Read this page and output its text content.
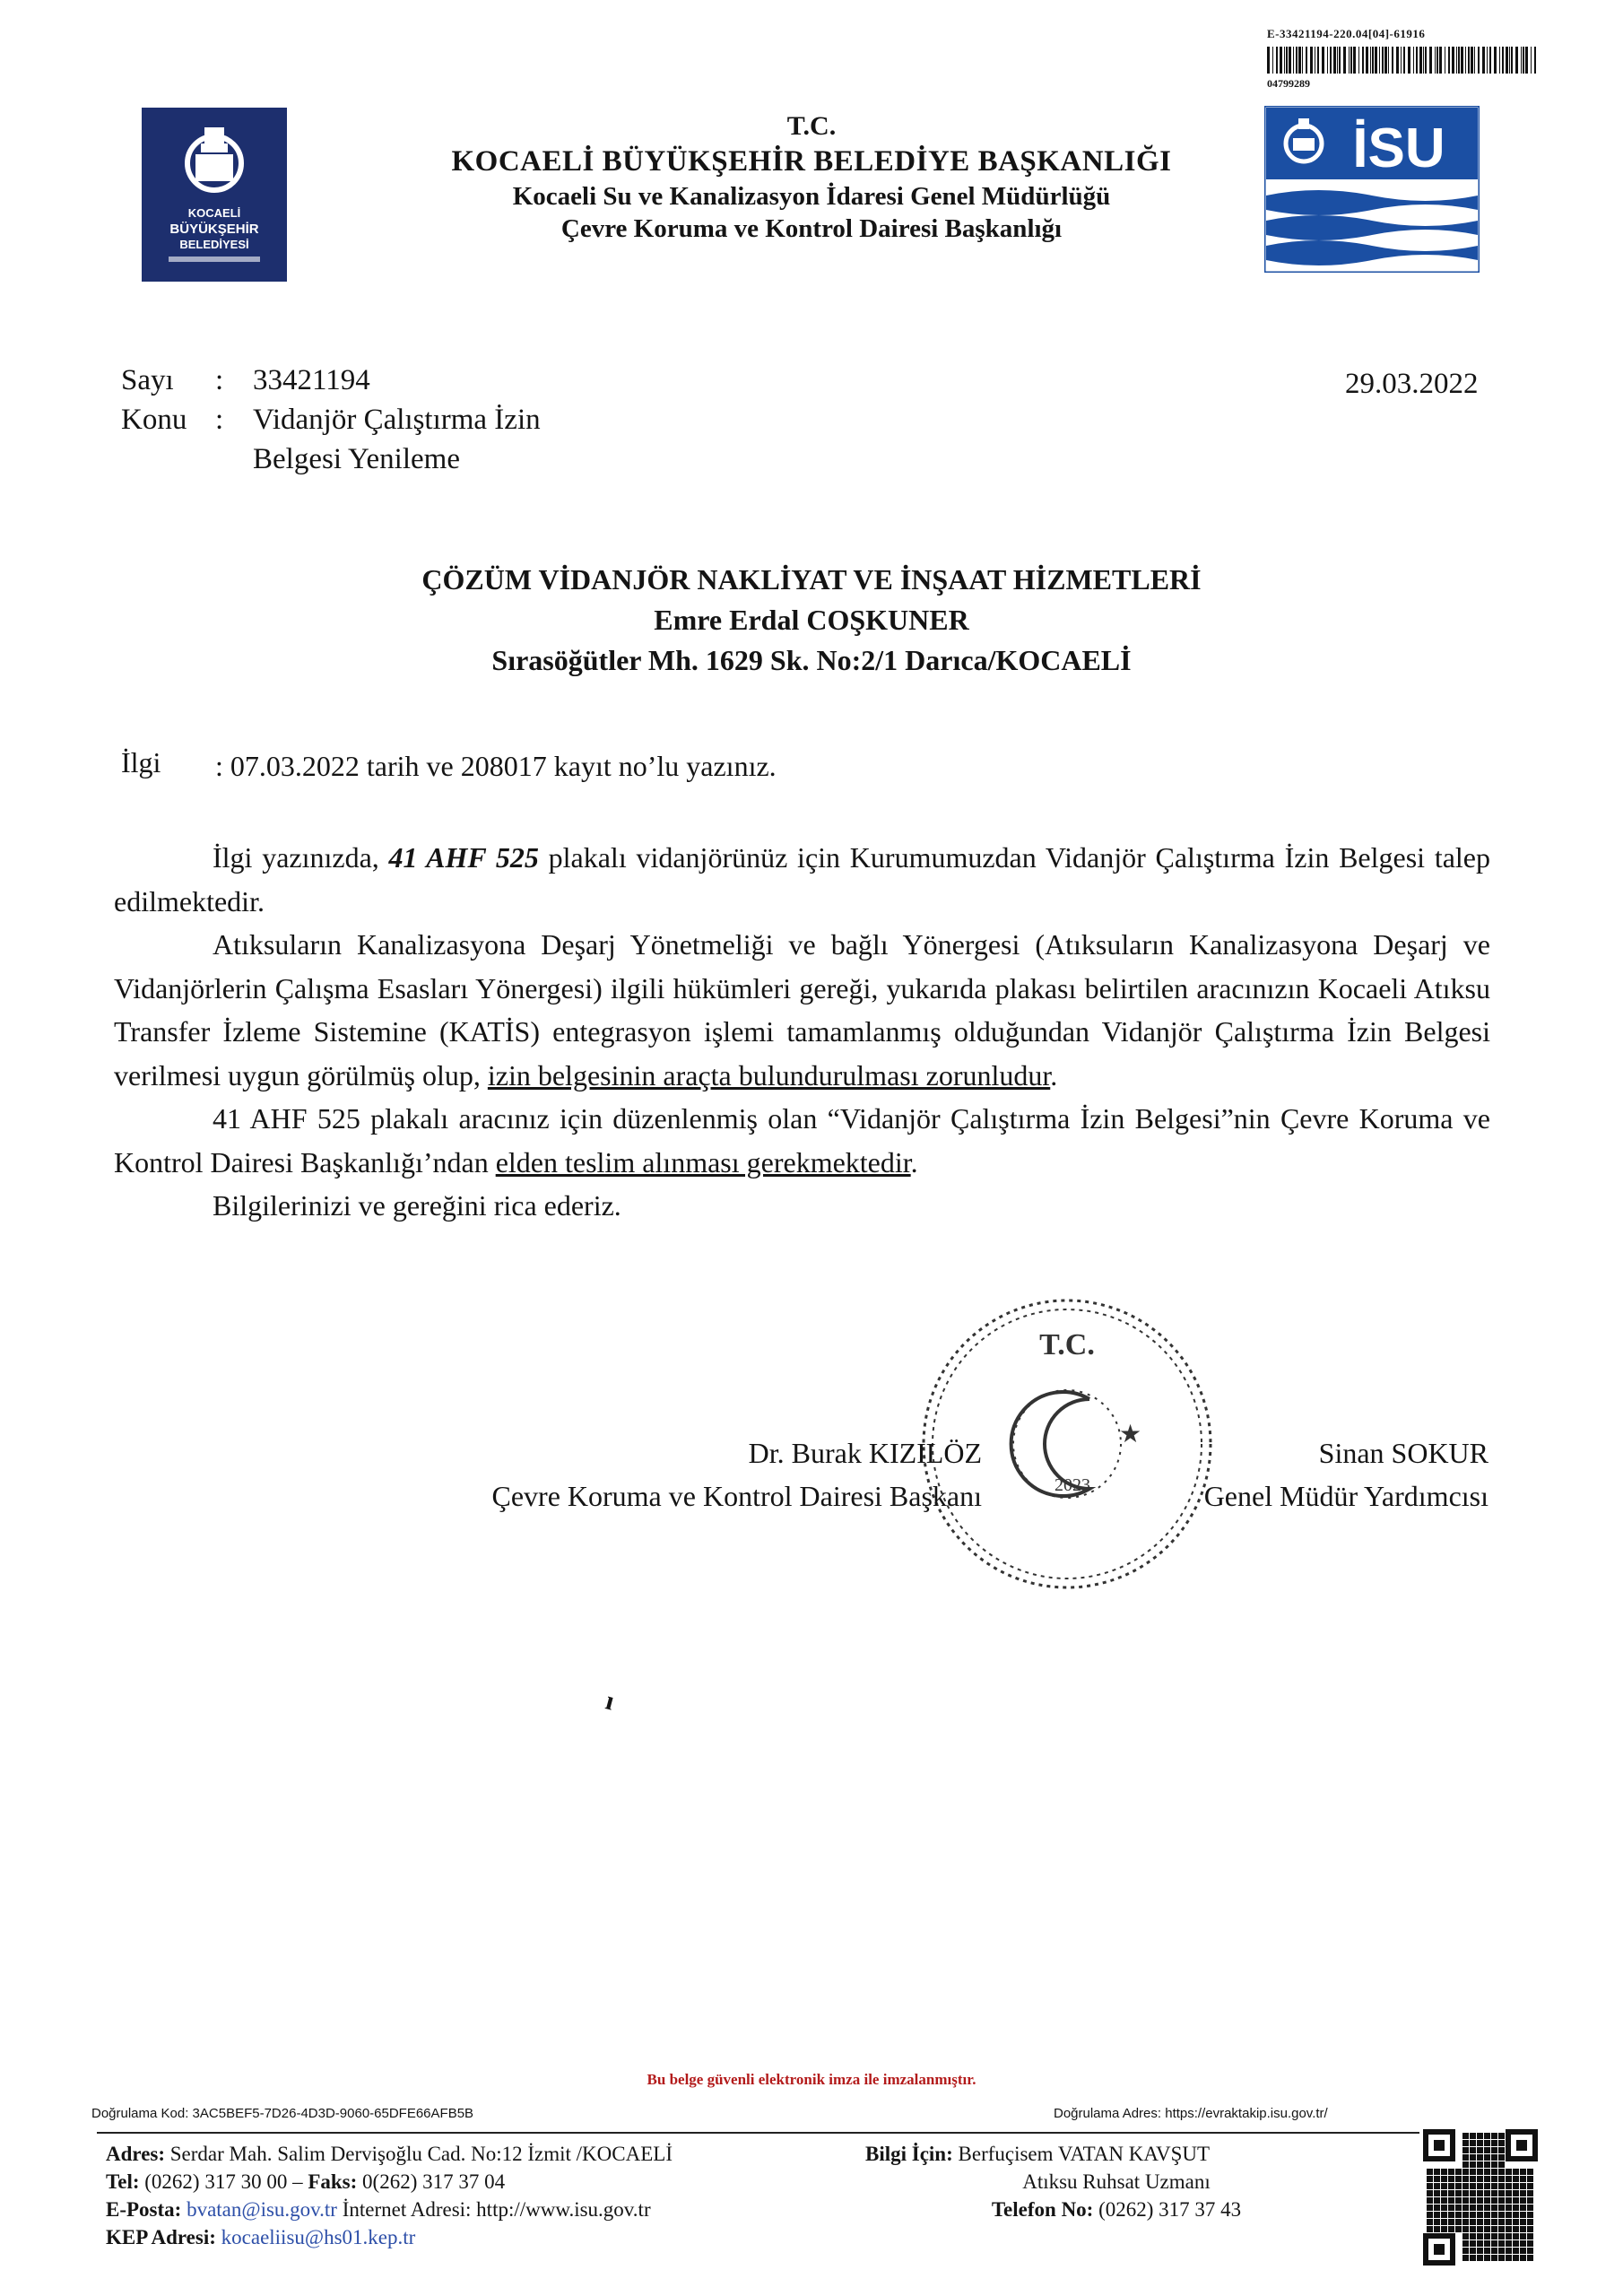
E-33421194-220.04[04]-61916
04799289
KOCAELİ
BÜYÜKŞEHİR
BELEDİYESİ
İSU
T.C.
KOCAELİ BÜYÜKŞEHİR BELEDİYE BAŞKANLIĞI
Kocaeli Su ve Kanalizasyon İdaresi Genel Müdürlüğü
Çevre Koruma ve Kontrol Dairesi Başkanlığı
Sayı : 33421194
Konu : Vidanjör Çalıştırma İzin
Belgesi Yenileme
29.03.2022
ÇÖZÜM VİDANJÖR NAKLİYAT VE İNŞAAT HİZMETLERİ
Emre Erdal COŞKUNER
Sırasöğütler Mh. 1629 Sk. No:2/1 Darıca/KOCAELİ
İlgi : 07.03.2022 tarih ve 208017 kayıt no’lu yazınız.

İlgi yazınızda, 41 AHF 525 plakalı vidanjörünüz için Kurumumuzdan Vidanjör Çalıştırma İzin Belgesi talep edilmektedir.

Atıksuların Kanalizasyona Deşarj Yönetmeliği ve bağlı Yönergesi (Atıksuların Kanalizasyona Deşarj ve Vidanjörlerin Çalışma Esasları Yönergesi) ilgili hükümleri gereği, yukarıda plakası belirtilen aracınızın Kocaeli Atıksu Transfer İzleme Sistemine (KATİS) entegrasyon işlemi tamamlanmış olduğundan Vidanjör Çalıştırma İzin Belgesi verilmesi uygun görülmüş olup, izin belgesinin araçta bulundurulması zorunludur.

41 AHF 525 plakalı aracınız için düzenlenmiş olan “Vidanjör Çalıştırma İzin Belgesi”nin Çevre Koruma ve Kontrol Dairesi Başkanlığı’ndan elden teslim alınması gerekmektedir.

Bilgilerinizi ve gereğini rica ederiz.

T.C.
2023
★
Dr. Burak KIZILÖZ
Çevre Koruma ve Kontrol Dairesi Başkanı
Sinan SOKUR
Genel Müdür Yardımcısı
ı
Bu belge güvenli elektronik imza ile imzalanmıştır.
Doğrulama Kod: 3AC5BEF5-7D26-4D3D-9060-65DFE66AFB5B	Doğrulama Adres: https://evraktakip.isu.gov.tr/
Adres: Serdar Mah. Salim Dervişoğlu Cad. No:12 İzmit /KOCAELİ
Tel: (0262) 317 30 00 – Faks: 0(262) 317 37 04
E-Posta: bvatan@isu.gov.tr İnternet Adresi: http://www.isu.gov.tr
KEP Adresi: kocaeliisu@hs01.kep.tr
Bilgi İçin: Berfuçisem VATAN KAVŞUT
Atıksu Ruhsat Uzmanı
Telefon No: (0262) 317 37 43
